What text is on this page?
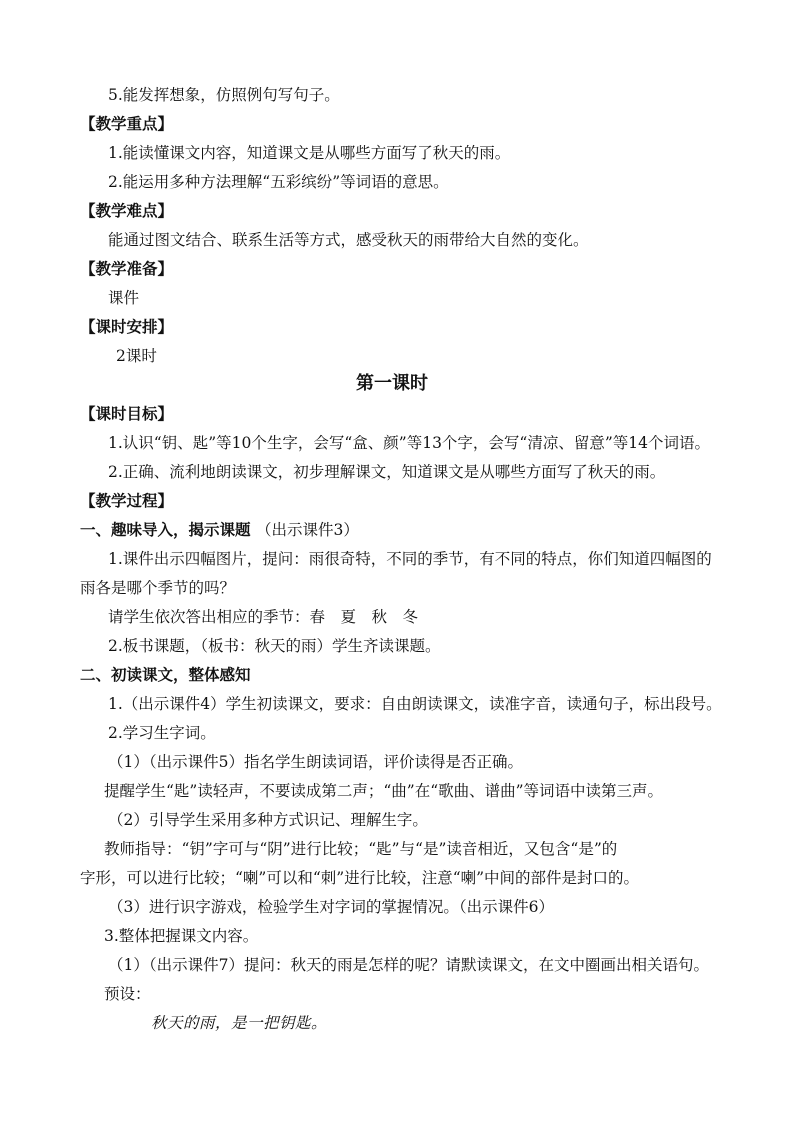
5.能发挥想象，仿照例句写句子。
【教学重点】
1.能读懂课文内容，知道课文是从哪些方面写了秋天的雨。
2.能运用多种方法理解“五彩缤纷”等词语的意思。
【教学难点】
能通过图文结合、联系生活等方式，感受秋天的雨带给大自然的变化。
【教学准备】
课件
【课时安排】
2课时
第一课时
【课时目标】
1.认识“钥、匙”等10个生字，会写“盒、颜”等13个字，会写“清凉、留意”等14个词语。
2.正确、流利地朗读课文，初步理解课文，知道课文是从哪些方面写了秋天的雨。
【教学过程】
一、趣味导入，揭示课题 （出示课件3）
1.课件出示四幅图片，提问：雨很奇特，不同的季节，有不同的特点，你们知道四幅图的
雨各是哪个季节的吗？
请学生依次答出相应的季节：春　夏　秋　冬
2.板书课题，（板书：秋天的雨）学生齐读课题。
二、初读课文，整体感知
1.（出示课件4）学生初读课文，要求：自由朗读课文，读准字音，读通句子，标出段号。
2.学习生字词。
（1）（出示课件5）指名学生朗读词语，评价读得是否正确。
提醒学生“匙”读轻声，不要读成第二声；“曲”在“歌曲、谱曲”等词语中读第三声。
（2）引导学生采用多种方式识记、理解生字。
教师指导：“钥”字可与“阴”进行比较；“匙”与“是”读音相近，又包含“是”的
字形，可以进行比较；“喇”可以和“刺”进行比较，注意“喇”中间的部件是封口的。
（3）进行识字游戏，检验学生对字词的掌握情况。（出示课件6）
3.整体把握课文内容。
（1）（出示课件7）提问：秋天的雨是怎样的呢？请默读课文，在文中圈画出相关语句。
预设：
秋天的雨，是一把钥匙。
